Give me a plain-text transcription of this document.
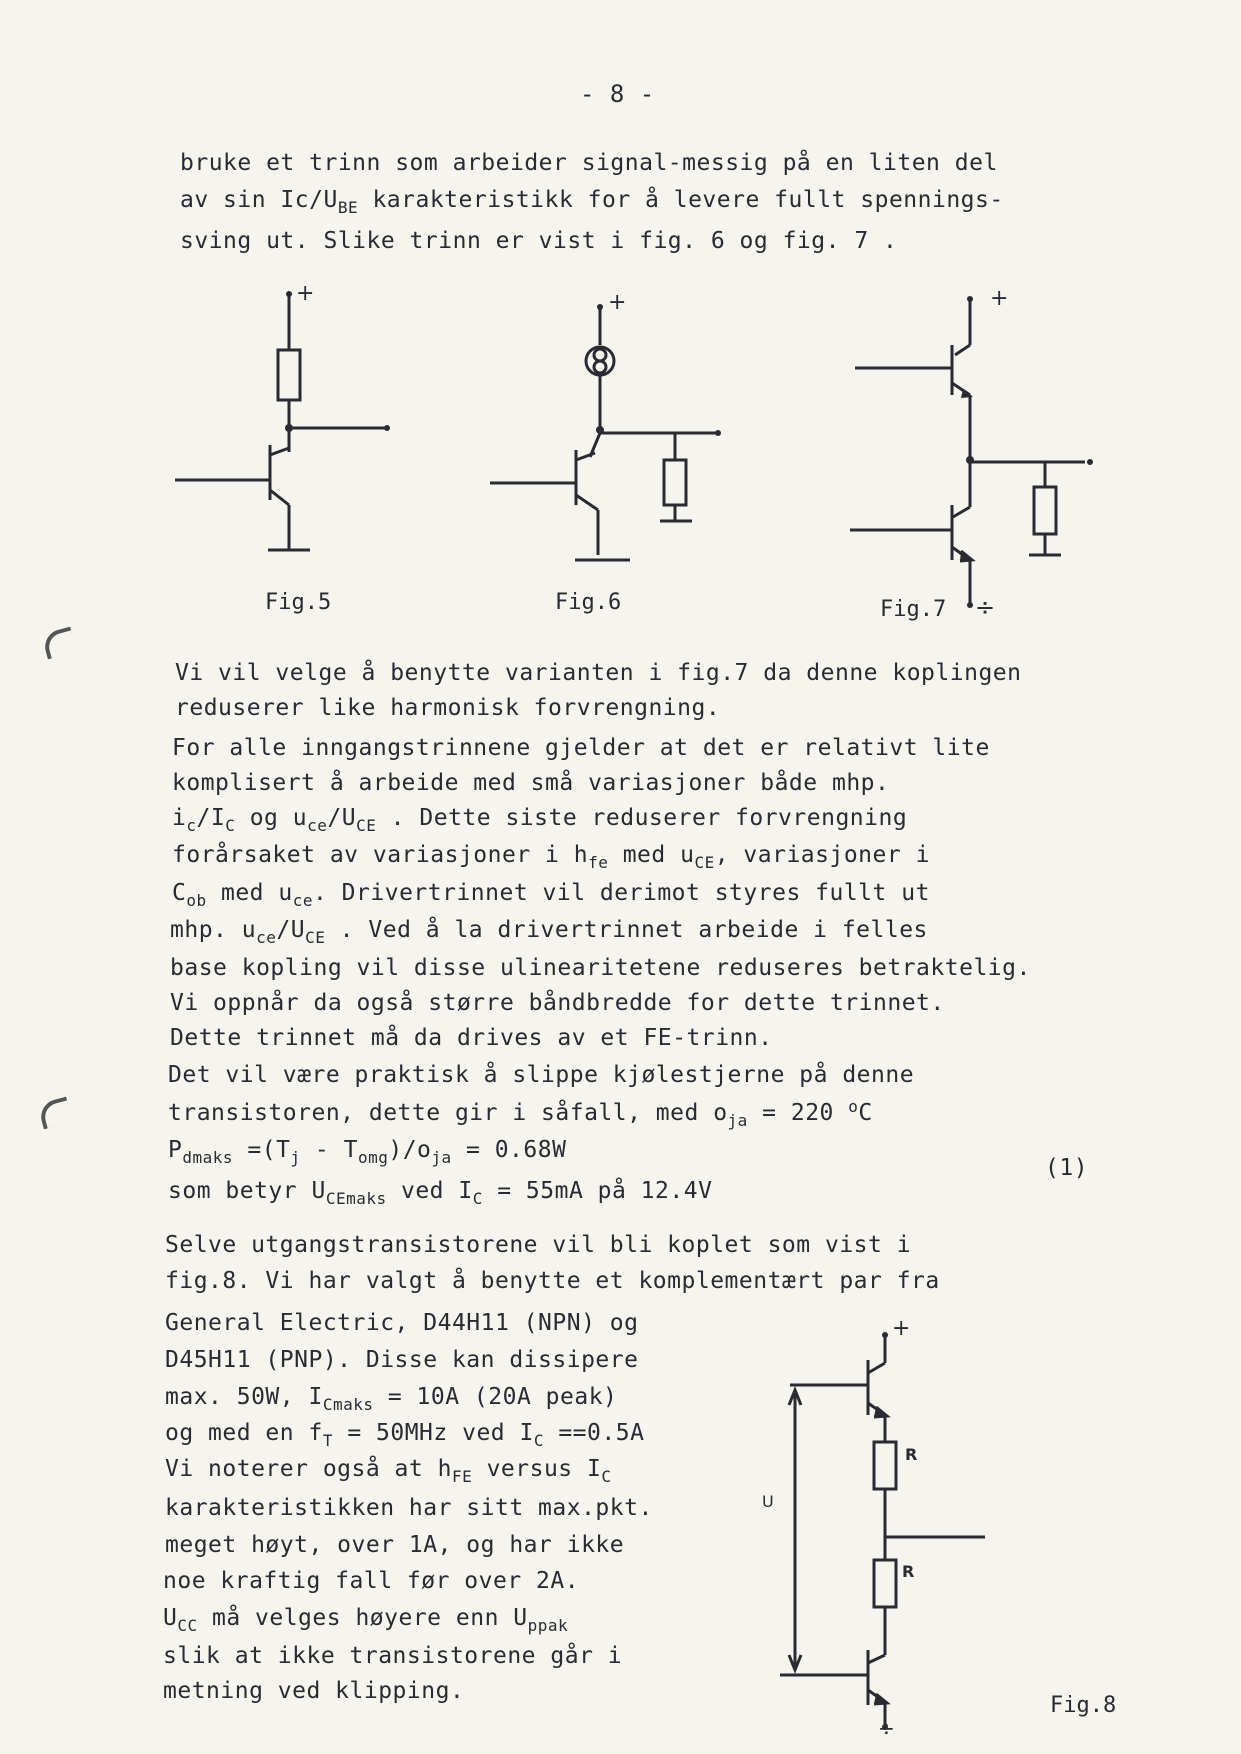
- 8 -
bruke et trinn som arbeider signal-messig på en liten del
av $\sin Ic/U_{BE}$ karakteristikk for å levere fullt spennings-
sving ut. Slike trinn er vist i fig. 6 og fig. 7 .
+
Fig.5
+
Fig.6
+
÷
Fig.7
Vi vil velge å benytte varianten i fig.7 da denne koplingen
reduserer like harmonisk forvrengning.
For alle inngangstrinnene gjelder at det er relativt lite
komplisert å arbeide med små variasjoner både mhp.
$i_c/I_C$ og $u_{ce}/U_{CE}$ . Dette siste reduserer forvrengning
forårsaket av variasjoner i $h_{fe}$ med $u_{CE}$, variasjoner i
$C_{ob}$ med $u_{ce}$. Drivertrinnet vil derimot styres fullt ut
mhp. $u_{ce}/U_{CE}$ . Ved å la drivertrinnet arbeide i felles
base kopling vil disse ulinearitetene reduseres betraktelig.
Vi oppnår da også større båndbredde for dette trinnet.
Dette trinnet må da drives av et FE-trinn.
Det vil være praktisk å slippe kjølestjerne på denne
transistoren, dette gir i såfall, med $o_{ja} = 220$ $^o$C
$P_{dmaks} =(T_j - T_{omg})/o_{ja} = 0.68W$
(1)
som betyr $U_{CEmaks}$ ved $I_C = 55mA$ på 12.4V
Selve utgangstransistorene vil bli koplet som vist i
fig.8. Vi har valgt å benytte et komplementært par fra
General Electric, D44H11 (NPN) og
D45H11 (PNP). Disse kan dissipere
max. 50W, $I_{Cmaks} = 10A$ (20A peak)
og med en $f_T = 50MHz$ ved $I_C ==0.5A$
Vi noterer også at $h_{FE}$ versus $I_C$
karakteristikken har sitt max.pkt.
meget høyt, over 1A, og har ikke
noe kraftig fall før over 2A.
$U_{CC}$ må velges høyere enn $U_{ppak}$
slik at ikke transistorene går i
metning ved klipping.
+
R
R
÷
U
Fig.8
